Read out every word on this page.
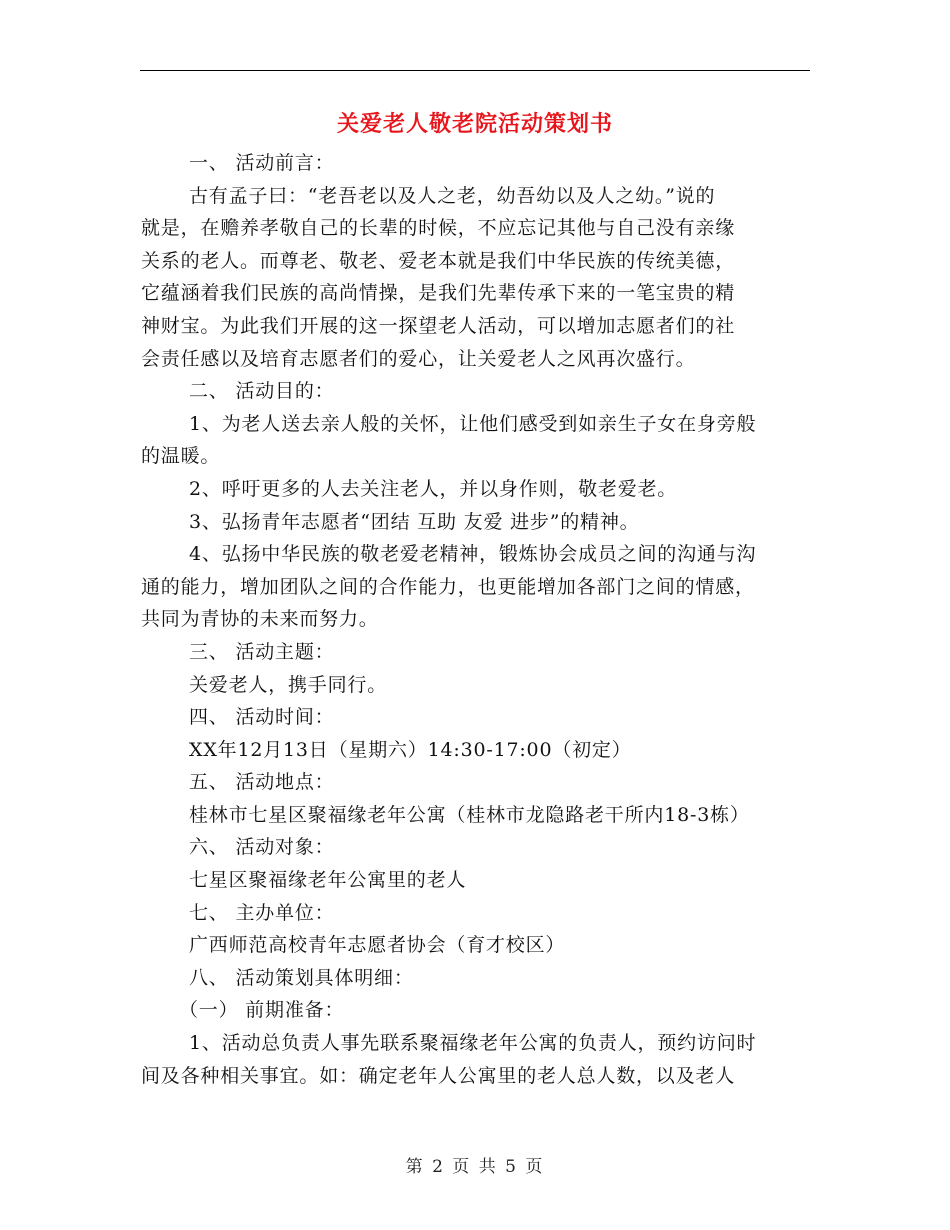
关爱老人敬老院活动策划书

一、 活动前言：

古有孟子曰：“老吾老以及人之老，幼吾幼以及人之幼。”说的

就是，在赡养孝敬自己的长辈的时候，不应忘记其他与自己没有亲缘

关系的老人。而尊老、敬老、爱老本就是我们中华民族的传统美德，

它蕴涵着我们民族的高尚情操，是我们先辈传承下来的一笔宝贵的精

神财宝。为此我们开展的这一探望老人活动，可以增加志愿者们的社

会责任感以及培育志愿者们的爱心，让关爱老人之风再次盛行。

二、 活动目的：

1、为老人送去亲人般的关怀，让他们感受到如亲生子女在身旁般

的温暖。

2、呼吁更多的人去关注老人，并以身作则，敬老爱老。

3、弘扬青年志愿者“团结 互助 友爱 进步”的精神。

4、弘扬中华民族的敬老爱老精神，锻炼协会成员之间的沟通与沟

通的能力，增加团队之间的合作能力，也更能增加各部门之间的情感，

共同为青协的未来而努力。

三、 活动主题：

关爱老人，携手同行。

四、 活动时间：

XX年12月13日（星期六）14:30-17:00（初定）

五、 活动地点：

桂林市七星区聚福缘老年公寓（桂林市龙隐路老干所内18-3栋）

六、 活动对象：

七星区聚福缘老年公寓里的老人

七、 主办单位：

广西师范高校青年志愿者协会（育才校区）

八、 活动策划具体明细：

（一） 前期准备：

1、活动总负责人事先联系聚福缘老年公寓的负责人，预约访问时

间及各种相关事宜。如：确定老年人公寓里的老人总人数，以及老人

第 2 页 共 5 页
